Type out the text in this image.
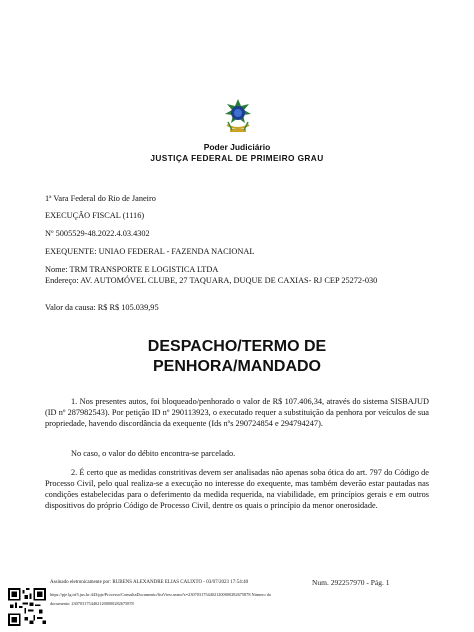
Poder Judiciário
JUSTIÇA FEDERAL DE PRIMEIRO GRAU
1ª Vara Federal do Rio de Janeiro
EXECUÇÃO FISCAL (1116)
Nº 5005529-48.2022.4.03.4302
EXEQUENTE: UNIAO FEDERAL - FAZENDA NACIONAL
Nome: TRM TRANSPORTE E LOGISTICA LTDA
Endereço: AV. AUTOMÓVEL CLUBE, 27 TAQUARA, DUQUE DE CAXIAS- RJ CEP 25272-030
Valor da causa: R$ R$ 105.039,95
DESPACHO/TERMO DE
PENHORA/MANDADO
1. Nos presentes autos, foi bloqueado/penhorado o valor de R$ 107.406,34, através do sistema SISBAJUD (ID nº 287982543). Por petição ID nº 290113923, o executado requer a substituição da penhora por veículos de sua propriedade, havendo discordância da exequente (Ids nºs 290724854 e 294794247).
No caso, o valor do débito encontra-se parcelado.
2. É certo que as medidas constritivas devem ser analisadas não apenas soba ótica do art. 797 do Código de Processo Civil, pelo qual realiza-se a execução no interesse do exequente, mas também deverão estar pautadas nas condições estabelecidas para o deferimento da medida requerida, na viabilidade, em princípios gerais e em outros dispositivos do próprio Código de Processo Civil, dentre os quais o princípio da menor onerosidade.
Assinado eletronicamente por: RUBENS ALEXANDRE ELIAS CALIXTO - 03/07/2023 17:54:40
https://pje1g.trf5.jus.br:443/pje/Processo/ConsultaDocumento/listView.seam?x=23070317544021200000282675878 Número do
documento: 23070317544021200000282675878
Num. 292257970 - Pág. 1
